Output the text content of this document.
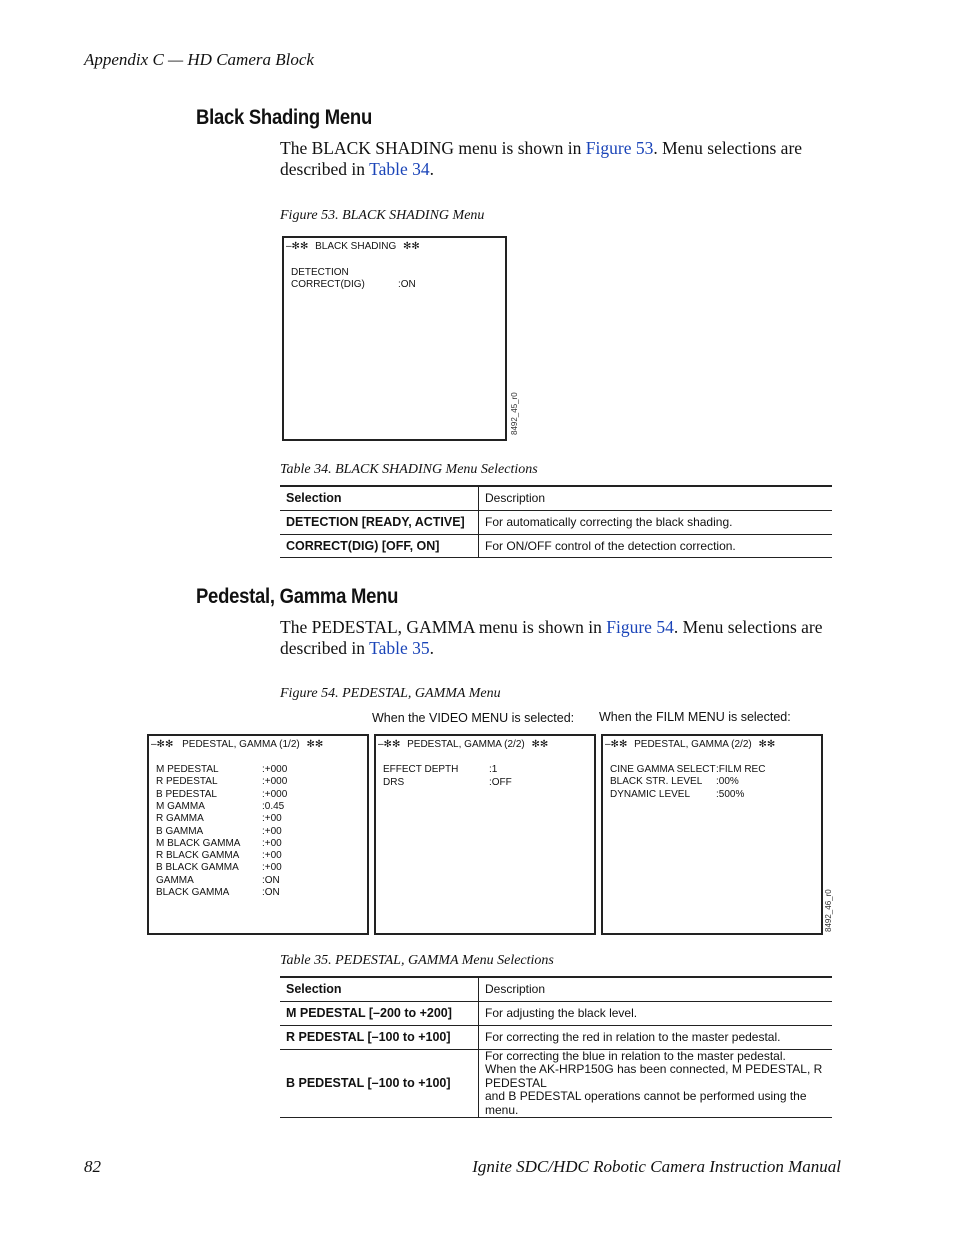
Appendix C — HD Camera Block
Black Shading Menu
The BLACK SHADING menu is shown in Figure 53. Menu selections are described in Table 34.
Figure 53. BLACK SHADING Menu
–✻✻ BLACK SHADING ✻✻
DETECTION
CORRECT(DIG)	:ON
8492_45_r0
Table 34. BLACK SHADING Menu Selections
Selection	Description
DETECTION [READY, ACTIVE]	For automatically correcting the black shading.
CORRECT(DIG) [OFF, ON]	For ON/OFF control of the detection correction.
Pedestal, Gamma Menu
The PEDESTAL, GAMMA menu is shown in Figure 54. Menu selections are described in Table 35.
Figure 54. PEDESTAL, GAMMA Menu
When the VIDEO MENU is selected: When the FILM MENU is selected:
–✻✻ PEDESTAL, GAMMA (1/2) ✻✻
M PEDESTAL	:+000
R PEDESTAL	:+000
B PEDESTAL	:+000
M GAMMA	:0.45
R GAMMA	:+00
B GAMMA	:+00
M BLACK GAMMA :+00
R BLACK GAMMA :+00
B BLACK GAMMA :+00
GAMMA	:ON
BLACK GAMMA	:ON
–✻✻ PEDESTAL, GAMMA (2/2) ✻✻
EFFECT DEPTH	:1
DRS	:OFF
–✻✻ PEDESTAL, GAMMA (2/2) ✻✻
CINE GAMMA SELECT:FILM REC
BLACK STR. LEVEL :00%
DYNAMIC LEVEL	:500%
8492_46_r0
Table 35. PEDESTAL, GAMMA Menu Selections
Selection	Description
M PEDESTAL [–200 to +200]	For adjusting the black level.
R PEDESTAL [–100 to +100]	For correcting the red in relation to the master pedestal.
B PEDESTAL [–100 to +100]	For correcting the blue in relation to the master pedestal.
When the AK-HRP150G has been connected, M PEDESTAL, R PEDESTAL
and B PEDESTAL operations cannot be performed using the menu.
82	Ignite SDC/HDC Robotic Camera Instruction Manual
